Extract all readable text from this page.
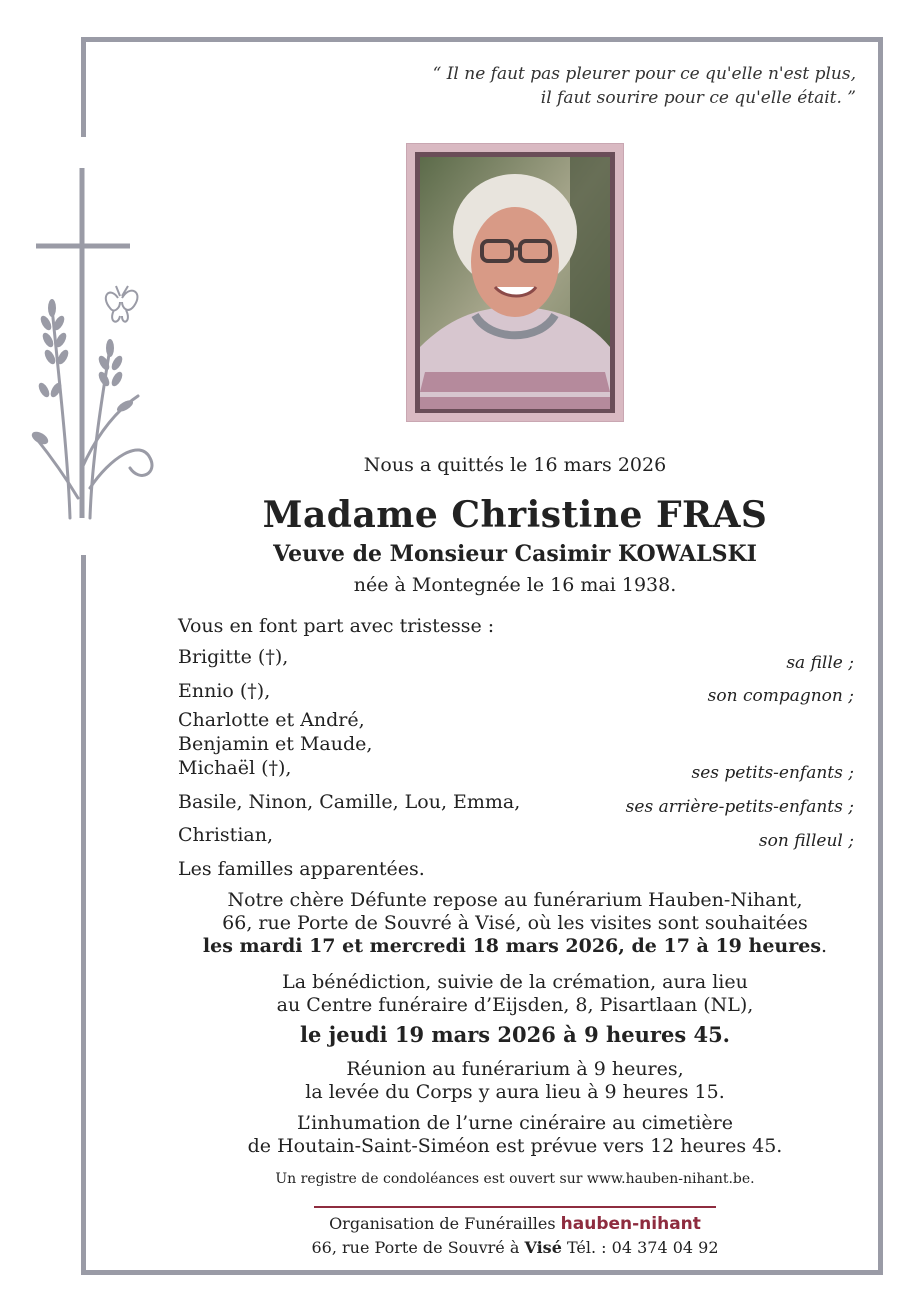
“ Il ne faut pas pleurer pour ce qu'elle n'est plus,
il faut sourire pour ce qu'elle était. ”
Nous a quittés le 16 mars 2026
Madame Christine FRAS
Veuve de Monsieur Casimir KOWALSKI
née à Montegnée le 16 mai 1938.
Vous en font part avec tristesse :
Brigitte (†),	sa fille ;
Ennio (†),	son compagnon ;
Charlotte et André,
Benjamin et Maude,
Michaël (†),	ses petits-enfants ;
Basile, Ninon, Camille, Lou, Emma,	ses arrière-petits-enfants ;
Christian,	son filleul ;
Les familles apparentées.
Notre chère Défunte repose au funérarium Hauben-Nihant,
66, rue Porte de Souvré à Visé, où les visites sont souhaitées
les mardi 17 et mercredi 18 mars 2026, de 17 à 19 heures.
La bénédiction, suivie de la crémation, aura lieu
au Centre funéraire d’Eijsden, 8, Pisartlaan (NL),
le jeudi 19 mars 2026 à 9 heures 45.
Réunion au funérarium à 9 heures,
la levée du Corps y aura lieu à 9 heures 15.
L’inhumation de l’urne cinéraire au cimetière
de Houtain-Saint-Siméon est prévue vers 12 heures 45.
Un registre de condoléances est ouvert sur www.hauben-nihant.be.
Organisation de Funérailles hauben-nihant
66, rue Porte de Souvré à Visé Tél. : 04 374 04 92
